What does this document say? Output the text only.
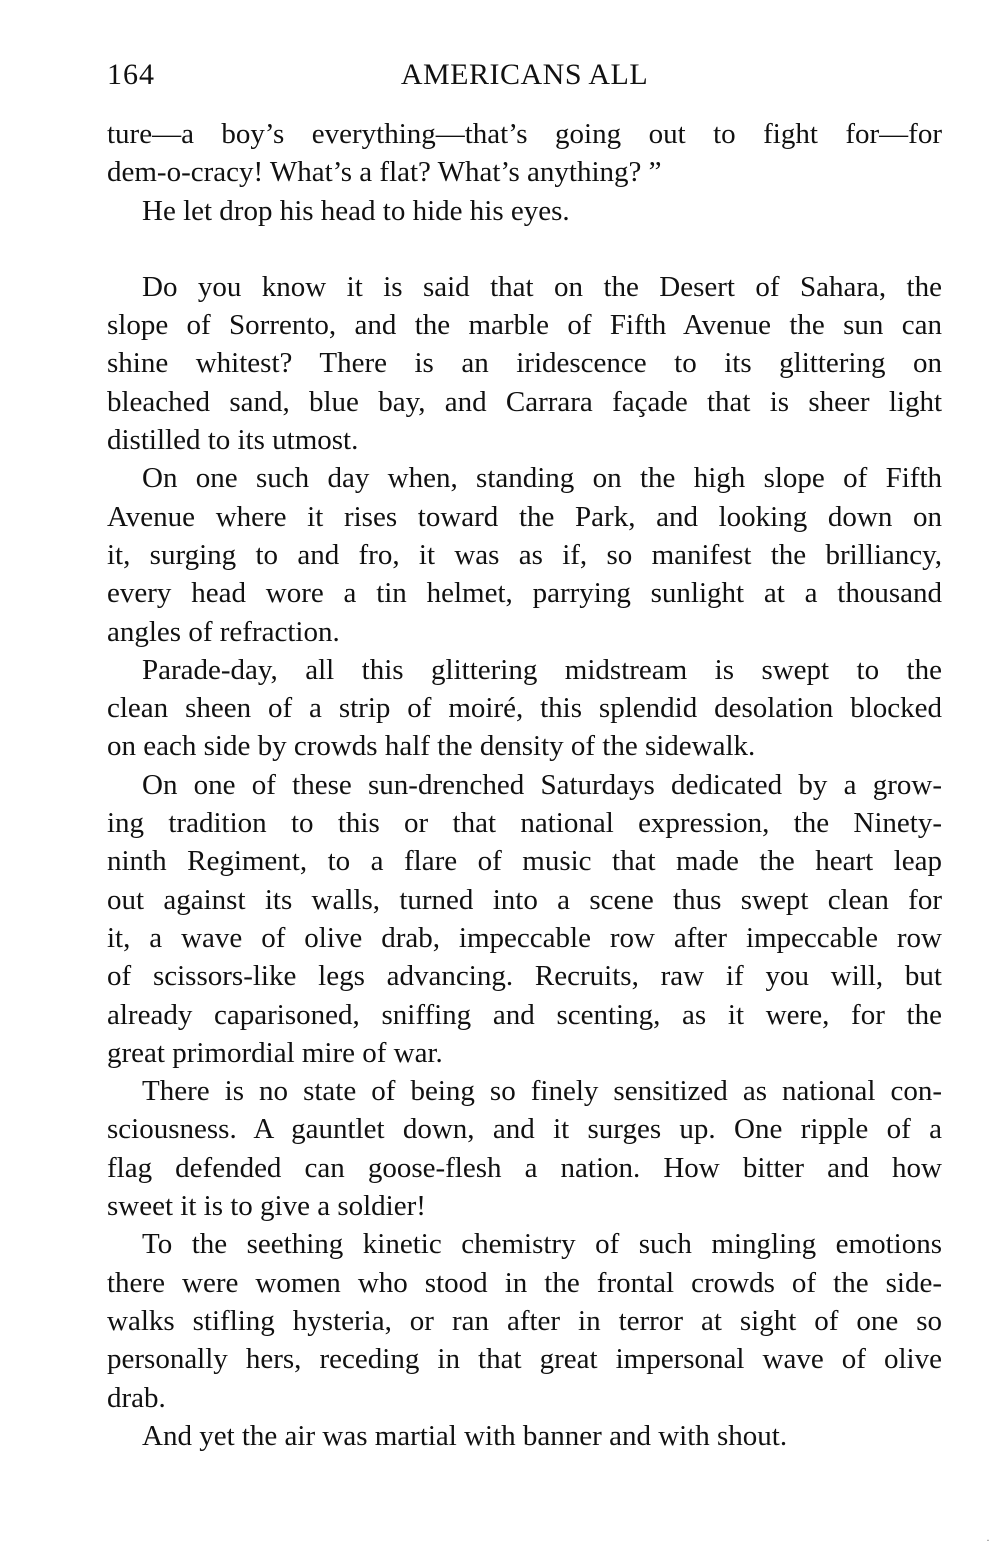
164	AMERICANS ALL
ture—a boy’s everything—that’s going out to fight for—for
dem-o-cracy! What’s a flat? What’s anything? ”
He let drop his head to hide his eyes.
Do you know it is said that on the Desert of Sahara, the
slope of Sorrento, and the marble of Fifth Avenue the sun can
shine whitest? There is an iridescence to its glittering on
bleached sand, blue bay, and Carrara façade that is sheer light
distilled to its utmost.
On one such day when, standing on the high slope of Fifth
Avenue where it rises toward the Park, and looking down on
it, surging to and fro, it was as if, so manifest the brilliancy,
every head wore a tin helmet, parrying sunlight at a thousand
angles of refraction.
Parade-day, all this glittering midstream is swept to the
clean sheen of a strip of moiré, this splendid desolation blocked
on each side by crowds half the density of the sidewalk.
On one of these sun-drenched Saturdays dedicated by a grow-
ing tradition to this or that national expression, the Ninety-
ninth Regiment, to a flare of music that made the heart leap
out against its walls, turned into a scene thus swept clean for
it, a wave of olive drab, impeccable row after impeccable row
of scissors-like legs advancing. Recruits, raw if you will, but
already caparisoned, sniffing and scenting, as it were, for the
great primordial mire of war.
There is no state of being so finely sensitized as national con-
sciousness. A gauntlet down, and it surges up. One ripple of a
flag defended can goose-flesh a nation. How bitter and how
sweet it is to give a soldier!
To the seething kinetic chemistry of such mingling emotions
there were women who stood in the frontal crowds of the side-
walks stifling hysteria, or ran after in terror at sight of one so
personally hers, receding in that great impersonal wave of olive
drab.
And yet the air was martial with banner and with shout.
·
